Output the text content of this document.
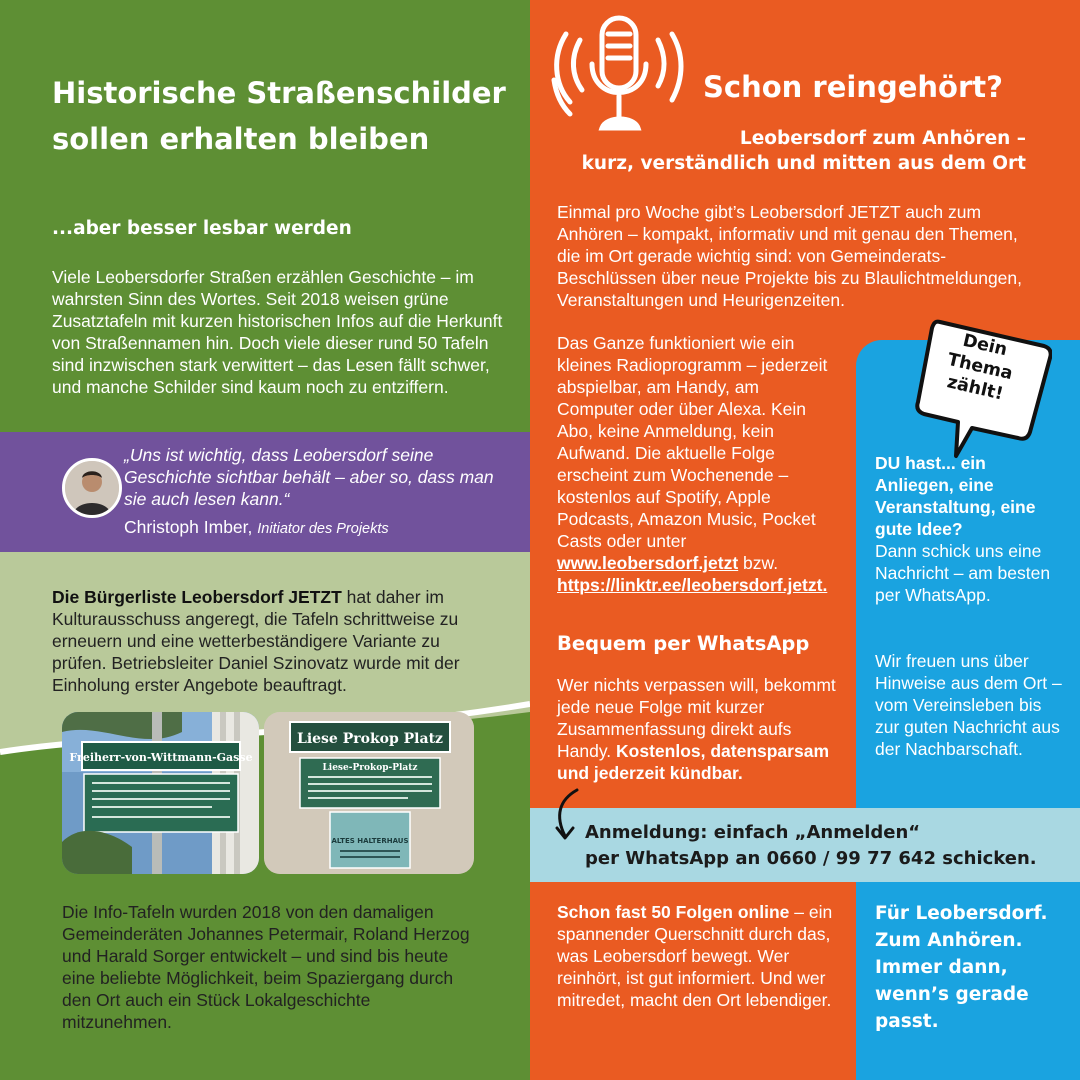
Historische Straßenschilder sollen erhalten bleiben
...aber besser lesbar werden

Viele Leobersdorfer Straßen erzählen Geschichte – im wahrsten Sinn des Wortes. Seit 2018 weisen grüne Zusatztafeln mit kurzen historischen Infos auf die Herkunft von Straßennamen hin. Doch viele dieser rund 50 Tafeln sind inzwischen stark verwittert – das Lesen fällt schwer, und manche Schilder sind kaum noch zu entziffern.

„Uns ist wichtig, dass Leobersdorf seine Geschichte sichtbar behält – aber so, dass man sie auch lesen kann.“

Christoph Imber, Initiator des Projekts

Die Bürgerliste Leobersdorf JETZT hat daher im Kulturausschuss angeregt, die Tafeln schrittweise zu erneuern und eine wetterbeständigere Variante zu prüfen. Betriebsleiter Daniel Szinovatz wurde mit der Einholung erster Angebote beauftragt.

Freiherr-von-Wittmann-Gasse
Liese Prokop Platz
Liese-Prokop-Platz
ALTES HALTERHAUS

Die Info-Tafeln wurden 2018 von den damaligen Gemeinderäten Johannes Petermair, Roland Herzog und Harald Sorger entwickelt – und sind bis heute eine beliebte Möglichkeit, beim Spaziergang durch den Ort auch ein Stück Lokalgeschichte mitzunehmen.

Schon reingehört?
Leobersdorf zum Anhören –
kurz, verständlich und mitten aus dem Ort

Einmal pro Woche gibt’s Leobersdorf JETZT auch zum Anhören – kompakt, informativ und mit genau den Themen, die im Ort gerade wichtig sind: von Gemeinderats-Beschlüssen über neue Projekte bis zu Blaulichtmeldungen, Veranstaltungen und Heurigenzeiten.

Das Ganze funktioniert wie ein kleines Radioprogramm – jederzeit abspielbar, am Handy, am Computer oder über Alexa. Kein Abo, keine Anmeldung, kein Aufwand. Die aktuelle Folge erscheint zum Wochenende – kostenlos auf Spotify, Apple Podcasts, Amazon Music, Pocket Casts oder unter www.leobersdorf.jetzt bzw. https://linktr.ee/leobersdorf.jetzt.

Bequem per WhatsApp

Wer nichts verpassen will, bekommt jede neue Folge mit kurzer Zusammenfassung direkt aufs Handy. Kostenlos, datensparsam und jederzeit kündbar.

Dein Thema zählt!

DU hast... ein Anliegen, eine Veranstaltung, eine gute Idee?
Dann schick uns eine Nachricht – am besten per WhatsApp.

Wir freuen uns über Hinweise aus dem Ort – vom Vereinsleben bis zur guten Nachricht aus der Nachbarschaft.

Anmeldung: einfach „Anmelden“
per WhatsApp an 0660 / 99 77 642 schicken.

Schon fast 50 Folgen online – ein spannender Querschnitt durch das, was Leobersdorf bewegt. Wer reinhört, ist gut informiert. Und wer mitredet, macht den Ort lebendiger.

Für Leobersdorf. Zum Anhören. Immer dann, wenn’s gerade passt.
